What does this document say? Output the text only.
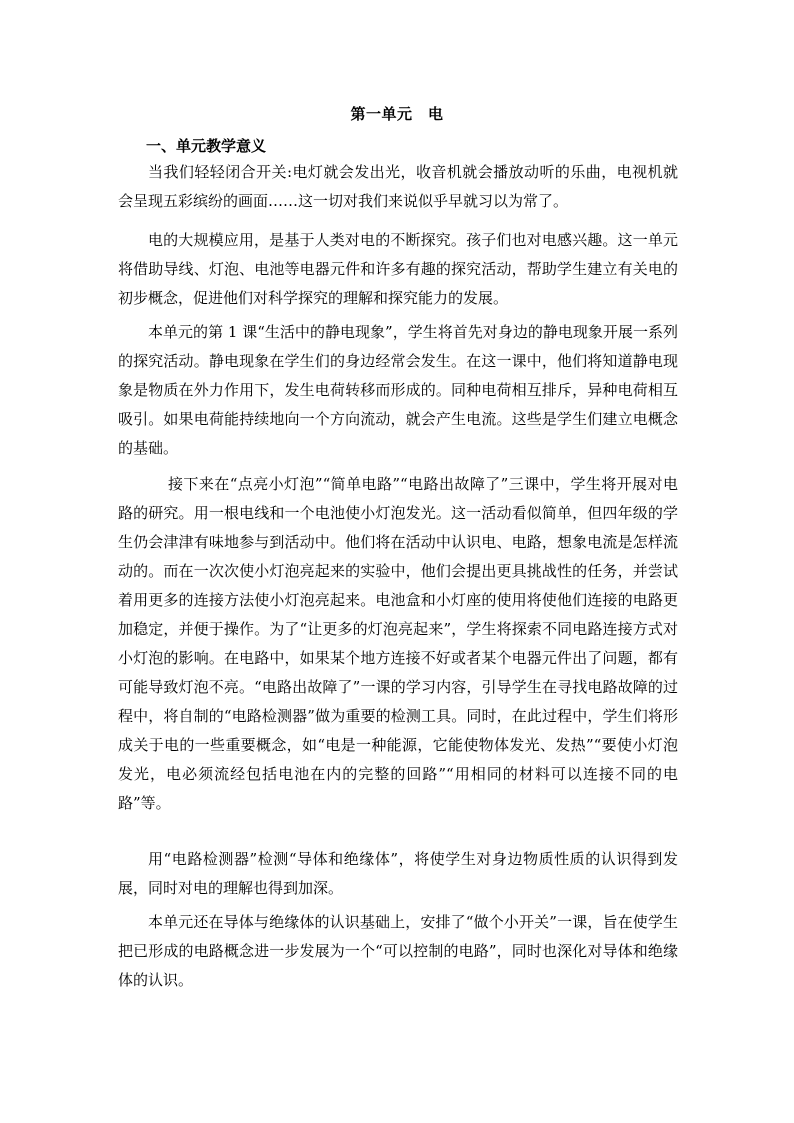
第一单元　电
一、单元教学意义

当我们轻轻闭合开关:电灯就会发出光，收音机就会播放动听的乐曲，电视机就会呈现五彩缤纷的画面……这一切对我们来说似乎早就习以为常了。

电的大规模应用，是基于人类对电的不断探究。孩子们也对电感兴趣。这一单元将借助导线、灯泡、电池等电器元件和许多有趣的探究活动，帮助学生建立有关电的初步概念，促进他们对科学探究的理解和探究能力的发展。

本单元的第 1 课“生活中的静电现象”，学生将首先对身边的静电现象开展一系列的探究活动。静电现象在学生们的身边经常会发生。在这一课中，他们将知道静电现象是物质在外力作用下，发生电荷转移而形成的。同种电荷相互排斥，异种电荷相互吸引。如果电荷能持续地向一个方向流动，就会产生电流。这些是学生们建立电概念的基础。

接下来在“点亮小灯泡”“简单电路”“电路出故障了”三课中，学生将开展对电路的研究。用一根电线和一个电池使小灯泡发光。这一活动看似简单，但四年级的学生仍会津津有味地参与到活动中。他们将在活动中认识电、电路，想象电流是怎样流动的。而在一次次使小灯泡亮起来的实验中，他们会提出更具挑战性的任务，并尝试着用更多的连接方法使小灯泡亮起来。电池盒和小灯座的使用将使他们连接的电路更加稳定，并便于操作。为了“让更多的灯泡亮起来”，学生将探索不同电路连接方式对小灯泡的影响。在电路中，如果某个地方连接不好或者某个电器元件出了问题，都有可能导致灯泡不亮。“电路出故障了”一课的学习内容，引导学生在寻找电路故障的过程中，将自制的“电路检测器”做为重要的检测工具。同时，在此过程中，学生们将形成关于电的一些重要概念，如“电是一种能源，它能使物体发光、发热”“要使小灯泡发光，电必须流经包括电池在内的完整的回路”“用相同的材料可以连接不同的电路”等。

用“电路检测器”检测“导体和绝缘体”，将使学生对身边物质性质的认识得到发展，同时对电的理解也得到加深。

本单元还在导体与绝缘体的认识基础上，安排了“做个小开关”一课，旨在使学生把已形成的电路概念进一步发展为一个“可以控制的电路”，同时也深化对导体和绝缘体的认识。
